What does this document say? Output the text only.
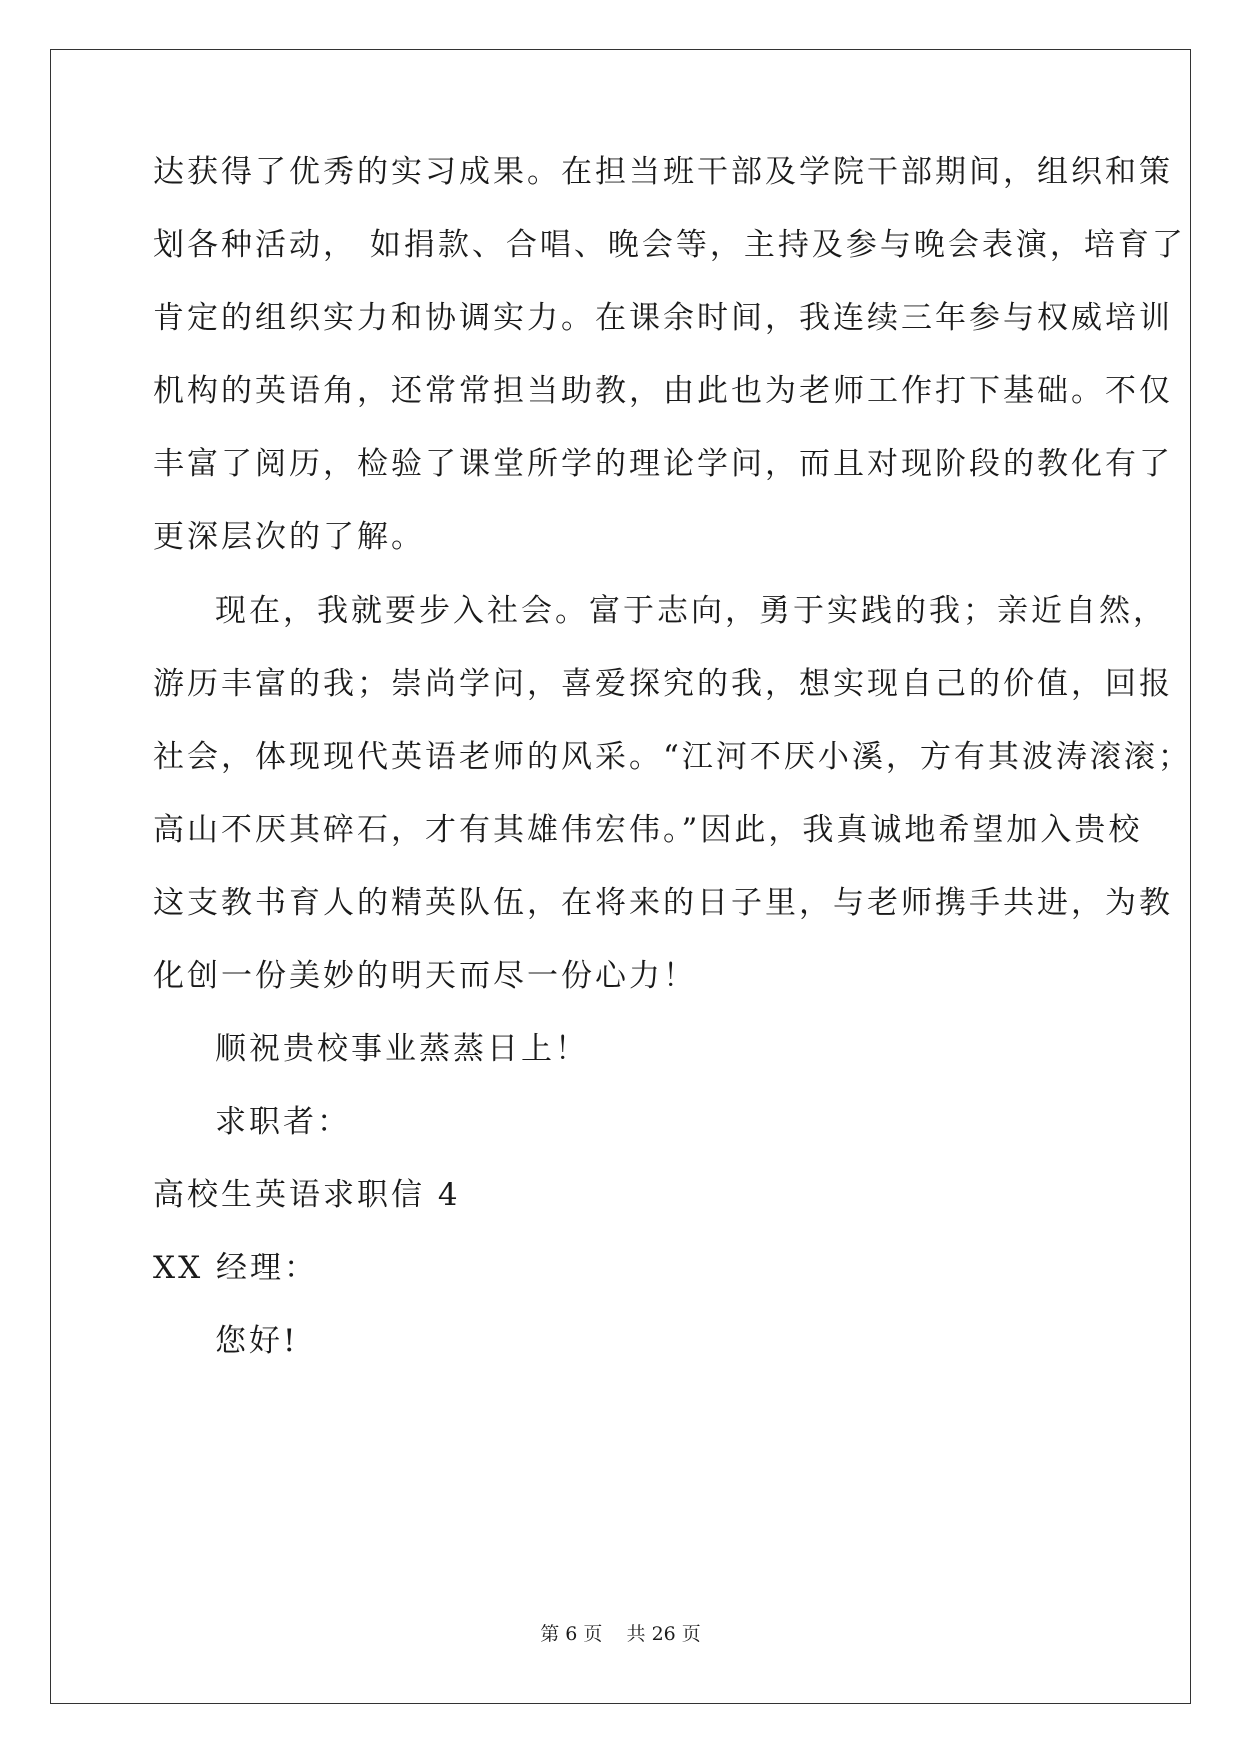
达获得了优秀的实习成果。在担当班干部及学院干部期间，组织和策
划各种活动， 如捐款、合唱、晚会等，主持及参与晚会表演，培育了
肯定的组织实力和协调实力。在课余时间，我连续三年参与权威培训
机构的英语角，还常常担当助教，由此也为老师工作打下基础。不仅
丰富了阅历，检验了课堂所学的理论学问，而且对现阶段的教化有了
更深层次的了解。
现在，我就要步入社会。富于志向，勇于实践的我；亲近自然，
游历丰富的我；崇尚学问，喜爱探究的我，想实现自己的价值，回报
社会，体现现代英语老师的风采。“江河不厌小溪，方有其波涛滚滚；
高山不厌其碎石，才有其雄伟宏伟。”因此，我真诚地希望加入贵校
这支教书育人的精英队伍，在将来的日子里，与老师携手共进，为教
化创一份美妙的明天而尽一份心力！
顺祝贵校事业蒸蒸日上！
求职者：
高校生英语求职信 4
XX 经理：
您好!
第 6 页    共 26 页
